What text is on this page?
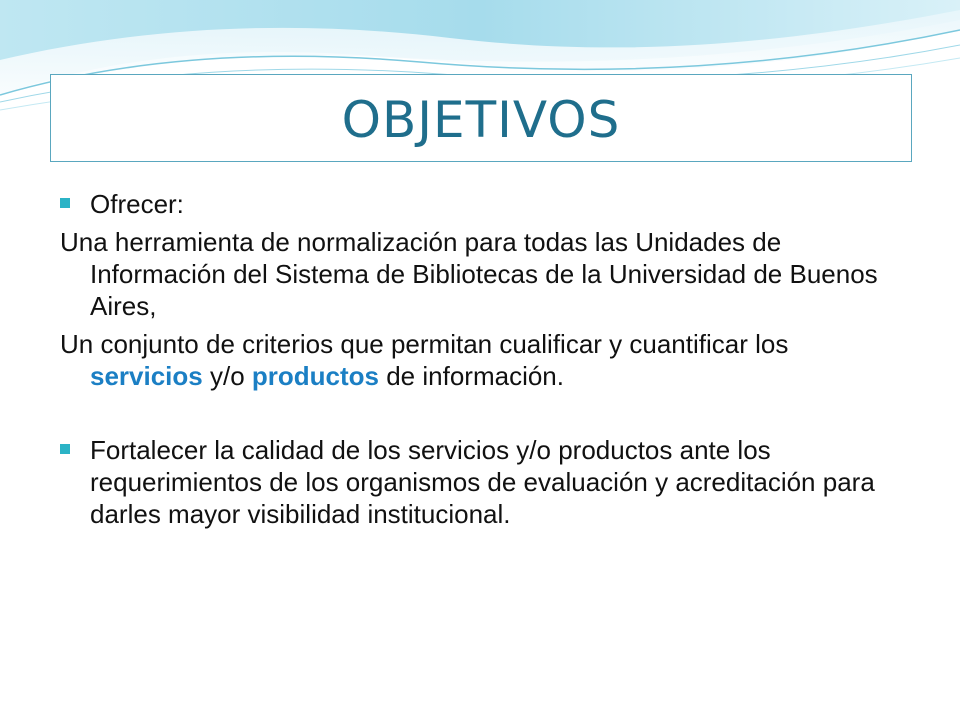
OBJETIVOS
Ofrecer:
Una herramienta de normalización para todas las Unidades de Información del Sistema de Bibliotecas de la Universidad de Buenos Aires,
Un conjunto de criterios que permitan cualificar y cuantificar los servicios y/o productos de información.
Fortalecer la calidad de los servicios y/o productos ante los requerimientos de los organismos de evaluación y acreditación para darles mayor visibilidad institucional.
